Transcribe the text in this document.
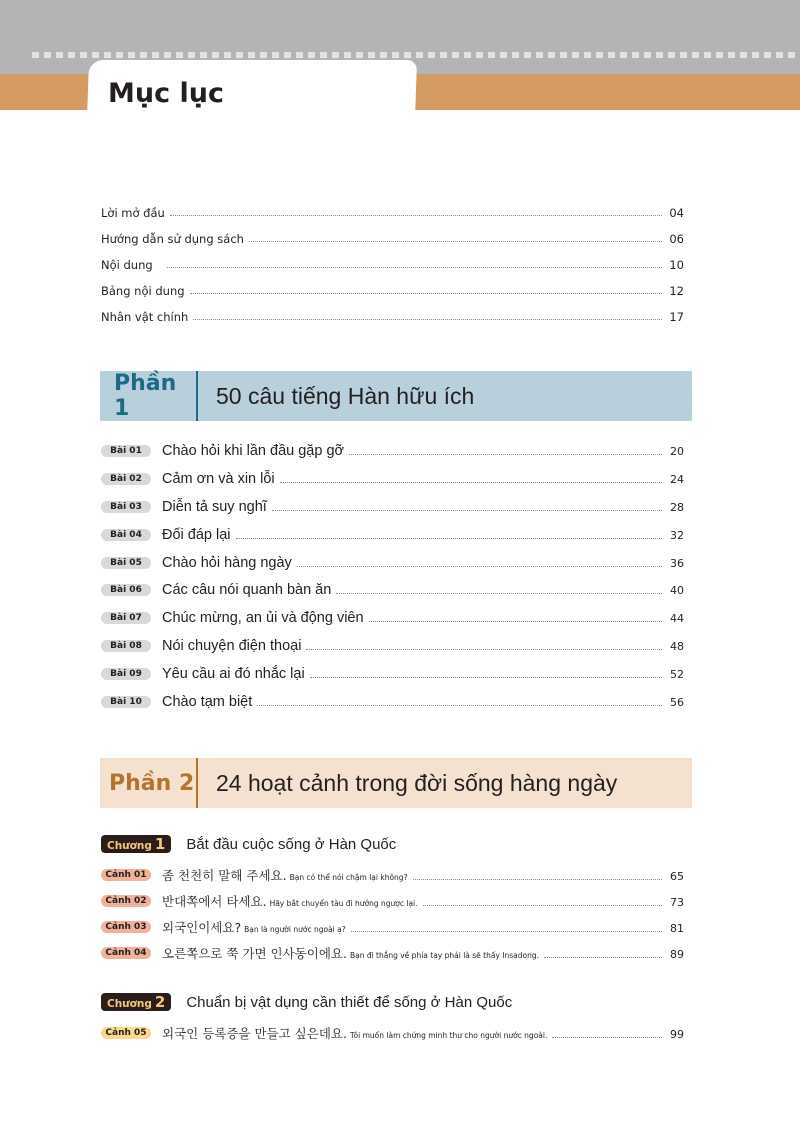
Mục lục
Lời mở đầu	04
Hướng dẫn sử dụng sách	06
Nội dung	10
Bảng nội dung	12
Nhân vật chính	17
Phần 1	50 câu tiếng Hàn hữu ích
Bài 01	Chào hỏi khi lần đầu gặp gỡ	20
Bài 02	Cảm ơn và xin lỗi	24
Bài 03	Diễn tả suy nghĩ	28
Bài 04	Đối đáp lại	32
Bài 05	Chào hỏi hàng ngày	36
Bài 06	Các câu nói quanh bàn ăn	40
Bài 07	Chúc mừng, an ủi và động viên	44
Bài 08	Nói chuyện điện thoại	48
Bài 09	Yêu cầu ai đó nhắc lại	52
Bài 10	Chào tạm biệt	56
Phần 2 24 hoạt cảnh trong đời sống hàng ngày
Chương 1	Bắt đầu cuộc sống ở Hàn Quốc
Cảnh 01	좀 천천히 말해 주세요. Bạn có thể nói chậm lại không?	65
Cảnh 02	반대쪽에서 타세요. Hãy bắt chuyến tàu đi hướng ngược lại.	73
Cảnh 03	외국인이세요? Bạn là người nước ngoài ạ?	81
Cảnh 04	오른쪽으로 쭉 가면 인사동이에요. Bạn đi thẳng về phía tay phải là sẽ thấy Insadong.	89
Chương 2	Chuẩn bị vật dụng cần thiết để sống ở Hàn Quốc
Cảnh 05	외국인 등록증을 만들고 싶은데요. Tôi muốn làm chứng minh thư cho người nước ngoài.	99
